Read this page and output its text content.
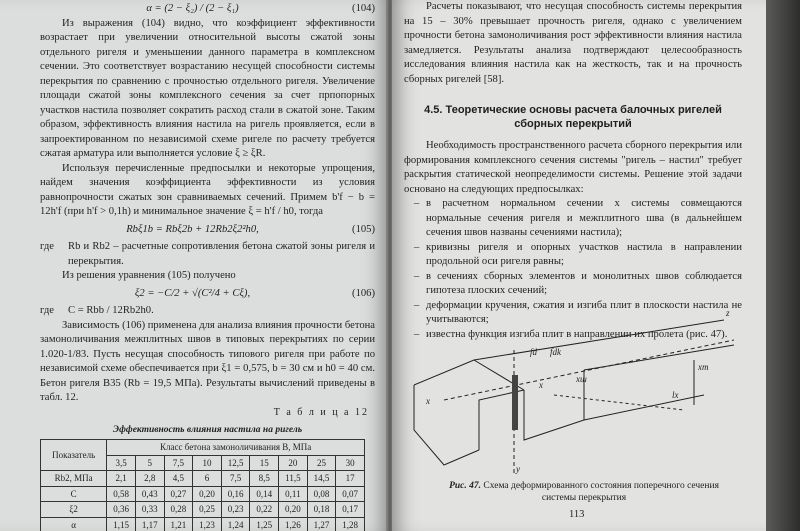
α = (2 − ξ₂) / (2 − ξ₁)	(104)

Из выражения (104) видно, что коэффициент эффективности возрастает при увеличении относительной высоты сжатой зоны отдельного ригеля и уменьшении данного параметра в комплексном сечении. Это соответствует возрастанию несущей способности системы перекрытия по сравнению с прочностью отдельного ригеля. Увеличение площади сжатой зоны комплексного сечения за счет прпопорных участков настила позволяет сократить расход стали в сжатой зоне. Таким образом, эффективность влияния настила на ригель проявляется, если в запроектированном по независимой схеме ригеле по расчету требуется сжатая арматура или выполняется условие ξ ≥ ξR.

Используя перечисленные предпосылки и некоторые упрощения, найдем значения коэффициента эффективности из условия равнопрочности сжатых зон сравниваемых сечений. Примем b'f − b = 12h'f (при h'f > 0,1h) и минимальное значение ξ = h'f / h0, тогда

Rbξ1b = Rbξ2b + 12Rb2ξ2²h0,	(105)
где	Rb и Rb2 – расчетные сопротивления бетона сжатой зоны ригеля и перекрытия.

Из решения уравнения (105) получено

ξ2 = −C/2 + √(C²/4 + Cξ),	(106)
где	C = Rbb / 12Rb2h0.

Зависимость (106) применена для анализа влияния прочности бетона замоноличивания межплитных швов в типовых перекрытиях по серии 1.020-1/83. Пусть несущая способность типового ригеля при работе по независимой схеме обеспечивается при ξ1 = 0,575, b = 30 см и h0 = 40 см. Бетон ригеля B35 (Rb = 19,5 МПа). Результаты вычислений приведены в табл. 12.

Т а б л и ц а 12
Эффективность влияния настила на ригель
Показатель	Класс бетона замоноличивания B, МПа								
	3,5	5	7,5	10	12,5	15	20	25	30
Rb2, МПа	2,1	2,8	4,5	6	7,5	8,5	11,5	14,5	17
C	0,58	0,43	0,27	0,20	0,16	0,14	0,11	0,08	0,07
ξ2	0,36	0,33	0,28	0,25	0,23	0,22	0,20	0,18	0,17
α	1,15	1,17	1,21	1,23	1,24	1,25	1,26	1,27	1,28

Расчеты показывают, что несущая способность системы перекрытия на 15 – 30% превышает прочность ригеля, однако с увеличением прочности бетона замоноличивания рост эффективности влияния настила замедляется. Результаты анализа подтверждают целесообразность исследования влияния настила как на жесткость, так и на прочность сборных ригелей [58].

4.5. Теоретические основы расчета балочных ригелей сборных перекрытий

Необходимость пространственного расчета сборного перекрытия или формирования комплексного сечения системы "ригель – настил" требует раскрытия статической неопределимости системы. Решение этой задачи основано на следующих предпосылках:

– в расчетном нормальном сечении x системы совмещаются нормальные сечения ригеля и межплитного шва (в дальнейшем сечения швов названы сечениями настила);
– кривизны ригеля и опорных участков настила в направлении продольной оси ригеля равны;
– в сечениях сборных элементов и монолитных швов соблюдается гипотеза плоских сечений;
– деформации кручения, сжатия и изгиба плит в плоскости настила не учитываются;
– известна функция изгиба плит в направлении их пролета (рис. 47).
z
x
y
x
lx
fd fdk
xm
xш
Рис. 47. Схема деформированного состояния поперечного сечения системы перекрытия
113
